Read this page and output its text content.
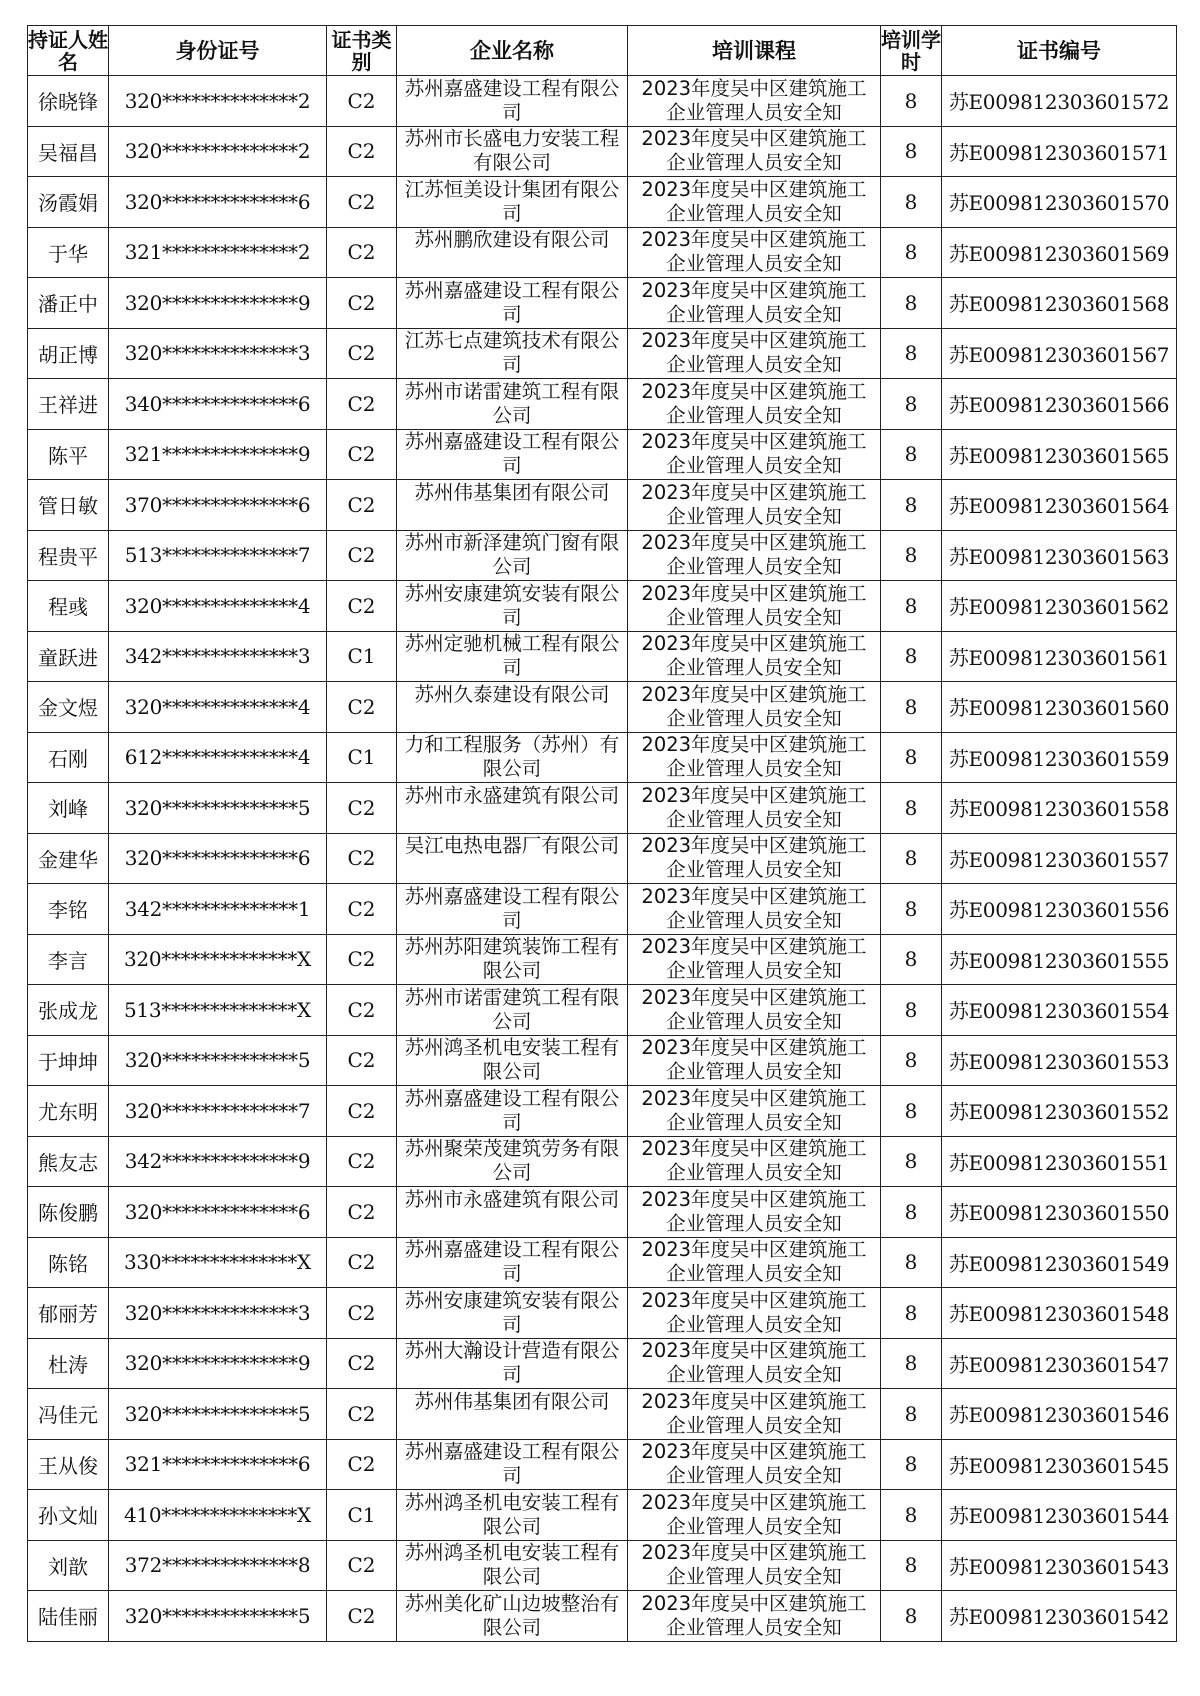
持证人姓名	身份证号	证书类别	企业名称	培训课程	培训学时	证书编号
徐晓锋	320**************2	C2	苏州嘉盛建设工程有限公司	2023年度吴中区建筑施工企业管理人员安全知	8	苏E009812303601572
吴福昌	320**************2	C2	苏州市长盛电力安装工程有限公司	2023年度吴中区建筑施工企业管理人员安全知	8	苏E009812303601571
汤霞娟	320**************6	C2	江苏恒美设计集团有限公司	2023年度吴中区建筑施工企业管理人员安全知	8	苏E009812303601570
于华	321**************2	C2	苏州鹏欣建设有限公司	2023年度吴中区建筑施工企业管理人员安全知	8	苏E009812303601569
潘正中	320**************9	C2	苏州嘉盛建设工程有限公司	2023年度吴中区建筑施工企业管理人员安全知	8	苏E009812303601568
胡正博	320**************3	C2	江苏七点建筑技术有限公司	2023年度吴中区建筑施工企业管理人员安全知	8	苏E009812303601567
王祥进	340**************6	C2	苏州市诺雷建筑工程有限公司	2023年度吴中区建筑施工企业管理人员安全知	8	苏E009812303601566
陈平	321**************9	C2	苏州嘉盛建设工程有限公司	2023年度吴中区建筑施工企业管理人员安全知	8	苏E009812303601565
管日敏	370**************6	C2	苏州伟基集团有限公司	2023年度吴中区建筑施工企业管理人员安全知	8	苏E009812303601564
程贵平	513**************7	C2	苏州市新泽建筑门窗有限公司	2023年度吴中区建筑施工企业管理人员安全知	8	苏E009812303601563
程彧	320**************4	C2	苏州安康建筑安装有限公司	2023年度吴中区建筑施工企业管理人员安全知	8	苏E009812303601562
童跃进	342**************3	C1	苏州定驰机械工程有限公司	2023年度吴中区建筑施工企业管理人员安全知	8	苏E009812303601561
金文煜	320**************4	C2	苏州久泰建设有限公司	2023年度吴中区建筑施工企业管理人员安全知	8	苏E009812303601560
石刚	612**************4	C1	力和工程服务（苏州）有限公司	2023年度吴中区建筑施工企业管理人员安全知	8	苏E009812303601559
刘峰	320**************5	C2	苏州市永盛建筑有限公司	2023年度吴中区建筑施工企业管理人员安全知	8	苏E009812303601558
金建华	320**************6	C2	吴江电热电器厂有限公司	2023年度吴中区建筑施工企业管理人员安全知	8	苏E009812303601557
李铭	342**************1	C2	苏州嘉盛建设工程有限公司	2023年度吴中区建筑施工企业管理人员安全知	8	苏E009812303601556
李言	320**************X	C2	苏州苏阳建筑装饰工程有限公司	2023年度吴中区建筑施工企业管理人员安全知	8	苏E009812303601555
张成龙	513**************X	C2	苏州市诺雷建筑工程有限公司	2023年度吴中区建筑施工企业管理人员安全知	8	苏E009812303601554
于坤坤	320**************5	C2	苏州鸿圣机电安装工程有限公司	2023年度吴中区建筑施工企业管理人员安全知	8	苏E009812303601553
尤东明	320**************7	C2	苏州嘉盛建设工程有限公司	2023年度吴中区建筑施工企业管理人员安全知	8	苏E009812303601552
熊友志	342**************9	C2	苏州聚荣茂建筑劳务有限公司	2023年度吴中区建筑施工企业管理人员安全知	8	苏E009812303601551
陈俊鹏	320**************6	C2	苏州市永盛建筑有限公司	2023年度吴中区建筑施工企业管理人员安全知	8	苏E009812303601550
陈铭	330**************X	C2	苏州嘉盛建设工程有限公司	2023年度吴中区建筑施工企业管理人员安全知	8	苏E009812303601549
郁丽芳	320**************3	C2	苏州安康建筑安装有限公司	2023年度吴中区建筑施工企业管理人员安全知	8	苏E009812303601548
杜涛	320**************9	C2	苏州大瀚设计营造有限公司	2023年度吴中区建筑施工企业管理人员安全知	8	苏E009812303601547
冯佳元	320**************5	C2	苏州伟基集团有限公司	2023年度吴中区建筑施工企业管理人员安全知	8	苏E009812303601546
王从俊	321**************6	C2	苏州嘉盛建设工程有限公司	2023年度吴中区建筑施工企业管理人员安全知	8	苏E009812303601545
孙文灿	410**************X	C1	苏州鸿圣机电安装工程有限公司	2023年度吴中区建筑施工企业管理人员安全知	8	苏E009812303601544
刘歆	372**************8	C2	苏州鸿圣机电安装工程有限公司	2023年度吴中区建筑施工企业管理人员安全知	8	苏E009812303601543
陆佳丽	320**************5	C2	苏州美化矿山边坡整治有限公司	2023年度吴中区建筑施工企业管理人员安全知	8	苏E009812303601542
